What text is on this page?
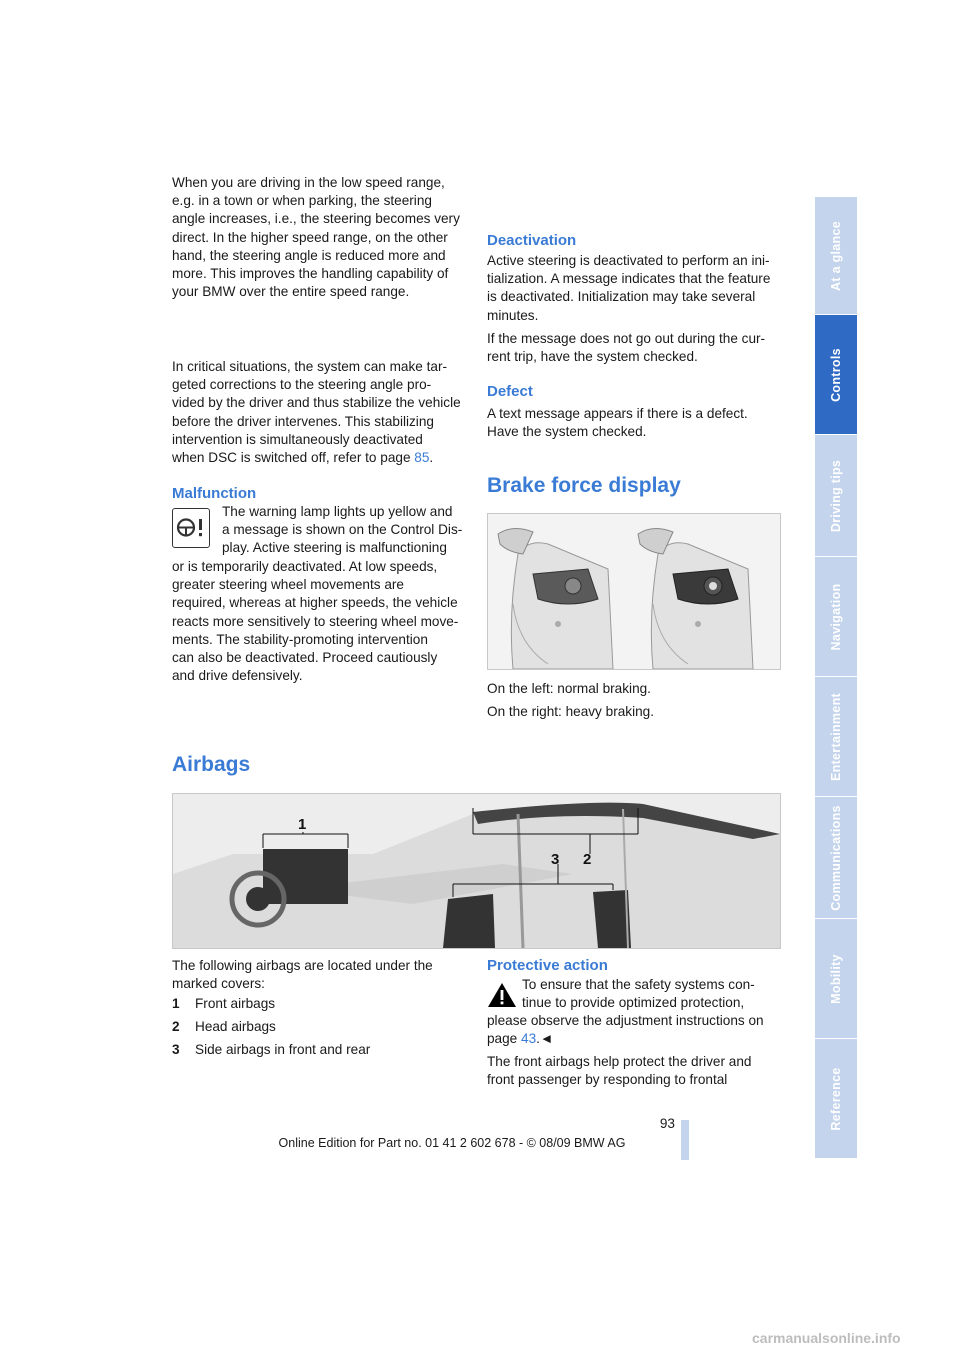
When you are driving in the low speed range,

e.g. in a town or when parking, the steering

angle increases, i.e., the steering becomes very

direct. In the higher speed range, on the other

hand, the steering angle is reduced more and

more. This improves the handling capability of

your BMW over the entire speed range.

In critical situations, the system can make tar-

geted corrections to the steering angle pro-

vided by the driver and thus stabilize the vehicle

before the driver intervenes. This stabilizing

intervention is simultaneously deactivated

when DSC is switched off, refer to page 85.

Malfunction

The warning lamp lights up yellow and

a message is shown on the Control Dis-

play. Active steering is malfunctioning

or is temporarily deactivated. At low speeds,

greater steering wheel movements are

required, whereas at higher speeds, the vehicle

reacts more sensitively to steering wheel move-

ments. The stability-promoting intervention

can also be deactivated. Proceed cautiously

and drive defensively.

Deactivation

Active steering is deactivated to perform an ini-

tialization. A message indicates that the feature

is deactivated. Initialization may take several

minutes.

If the message does not go out during the cur-

rent trip, have the system checked.

Defect

A text message appears if there is a defect.

Have the system checked.

Brake force display

On the left: normal braking.

On the right: heavy braking.

Airbags
1
3 2

The following airbags are located under the

marked covers:

1 Front airbags
2 Head airbags
3 Side airbags in front and rear
Protective action

To ensure that the safety systems con-

tinue to provide optimized protection,

please observe the adjustment instructions on

page 43.◄

The front airbags help protect the driver and

front passenger by responding to frontal

At a glance
Controls
Driving tips
Navigation
Entertainment
Communications
Mobility
Reference
93
Online Edition for Part no. 01 41 2 602 678 - © 08/09 BMW AG
carmanualsonline.info
